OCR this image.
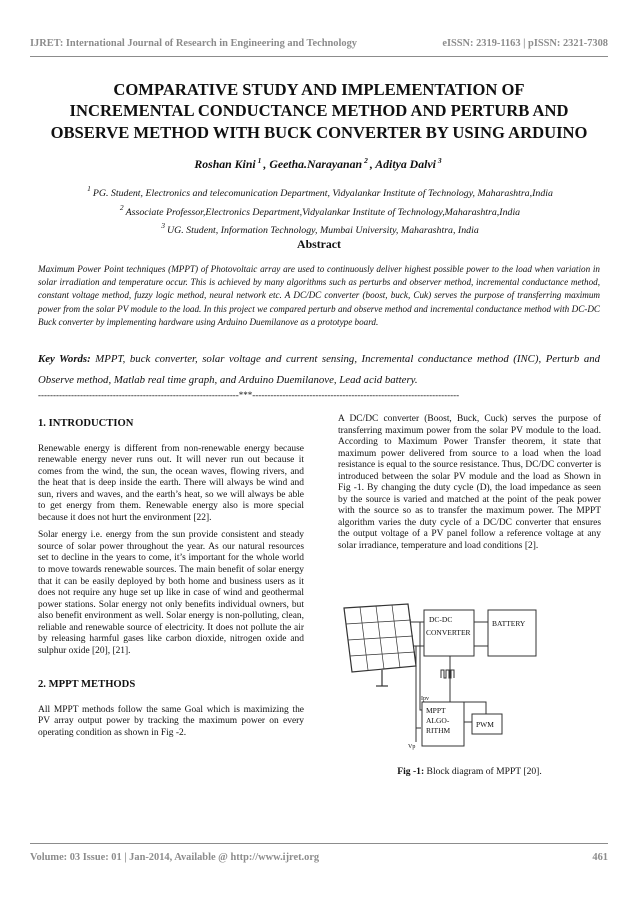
IJRET: International Journal of Research in Engineering and Technology	eISSN: 2319-1163 | pISSN: 2321-7308
COMPARATIVE STUDY AND IMPLEMENTATION OF
INCREMENTAL CONDUCTANCE METHOD AND PERTURB AND
OBSERVE METHOD WITH BUCK CONVERTER BY USING ARDUINO
Roshan Kini $^1$ , Geetha.Narayanan $^2$ , Aditya Dalvi $^3$
$^1$ PG. Student, Electronics and telecomunication Department, Vidyalankar Institute of Technology, Maharashtra,India
$^2$ Associate Professor,Electronics Department,Vidyalankar Institute of Technology,Maharashtra,India
$^3$ UG. Student, Information Technology, Mumbai University, Maharashtra, India
Abstract
Maximum Power Point techniques (MPPT) of Photovoltaic array are used to continuously deliver highest possible power to the load when variation in solar irradiation and temperature occur. This is achieved by many algorithms such as perturbs and observer method, incremental conductance method, constant voltage method, fuzzy logic method, neural network etc. A DC/DC converter (boost, buck, Cuk) serves the purpose of transferring maximum power from the solar PV module to the load. In this project we compared perturb and observe method and incremental conductance method with DC-DC Buck converter by implementing hardware using Arduino Duemilanove as a prototype board.
Key Words: MPPT, buck converter, solar voltage and current sensing, Incremental conductance method (INC), Perturb and Observe method, Matlab real time graph, and Arduino Duemilanove, Lead acid battery.
-------------------------------------------------------------------***---------------------------------------------------------------------
1. INTRODUCTION

Renewable energy is different from non-renewable energy because renewable energy never runs out. It will never run out because it comes from the wind, the sun, the ocean waves, flowing rivers, and the heat that is deep inside the earth. There will always be wind and sun, rivers and waves, and the earth’s heat, so we will always be able to get energy from them. Renewable energy also is more special because it does not hurt the environment [22].

Solar energy i.e. energy from the sun provide consistent and steady source of solar power throughout the year. As our natural resources set to decline in the years to come, it’s important for the whole world to move towards renewable sources. The main benefit of solar energy that it can be easily deployed by both home and business users as it does not require any huge set up like in case of wind and geothermal power stations. Solar energy not only benefits individual owners, but also benefit environment as well. Solar energy is non-polluting, clean, reliable and renewable source of electricity. It does not pollute the air by releasing harmful gases like carbon dioxide, nitrogen oxide and sulphur oxide [20], [21].

2. MPPT METHODS

All MPPT methods follow the same Goal which is maximizing the PV array output power by tracking the maximum power on every operating condition as shown in Fig -2.

A DC/DC converter (Boost, Buck, Cuck) serves the purpose of transferring maximum power from the solar PV module to the load. According to Maximum Power Transfer theorem, it state that maximum power delivered from source to a load when the load resistance is equal to the source resistance. Thus, DC/DC converter is introduced between the solar PV module and the load as Shown in Fig -1. By changing the duty cycle (D), the load impedance as seen by the source is varied and matched at the point of the peak power with the source so as to transfer the maximum power. The MPPT algorithm varies the duty cycle of a DC/DC converter that ensures the output voltage of a PV panel follow a reference voltage at any solar irradiance, temperature and load conditions [2].

DC-DC
CONVERTER
BATTERY
MPPT
ALGO-
RITHM
PWM
Ipv
Vp
Fig -1: Block diagram of MPPT [20].
Volume: 03 Issue: 01 | Jan-2014, Available @ http://www.ijret.org	461
